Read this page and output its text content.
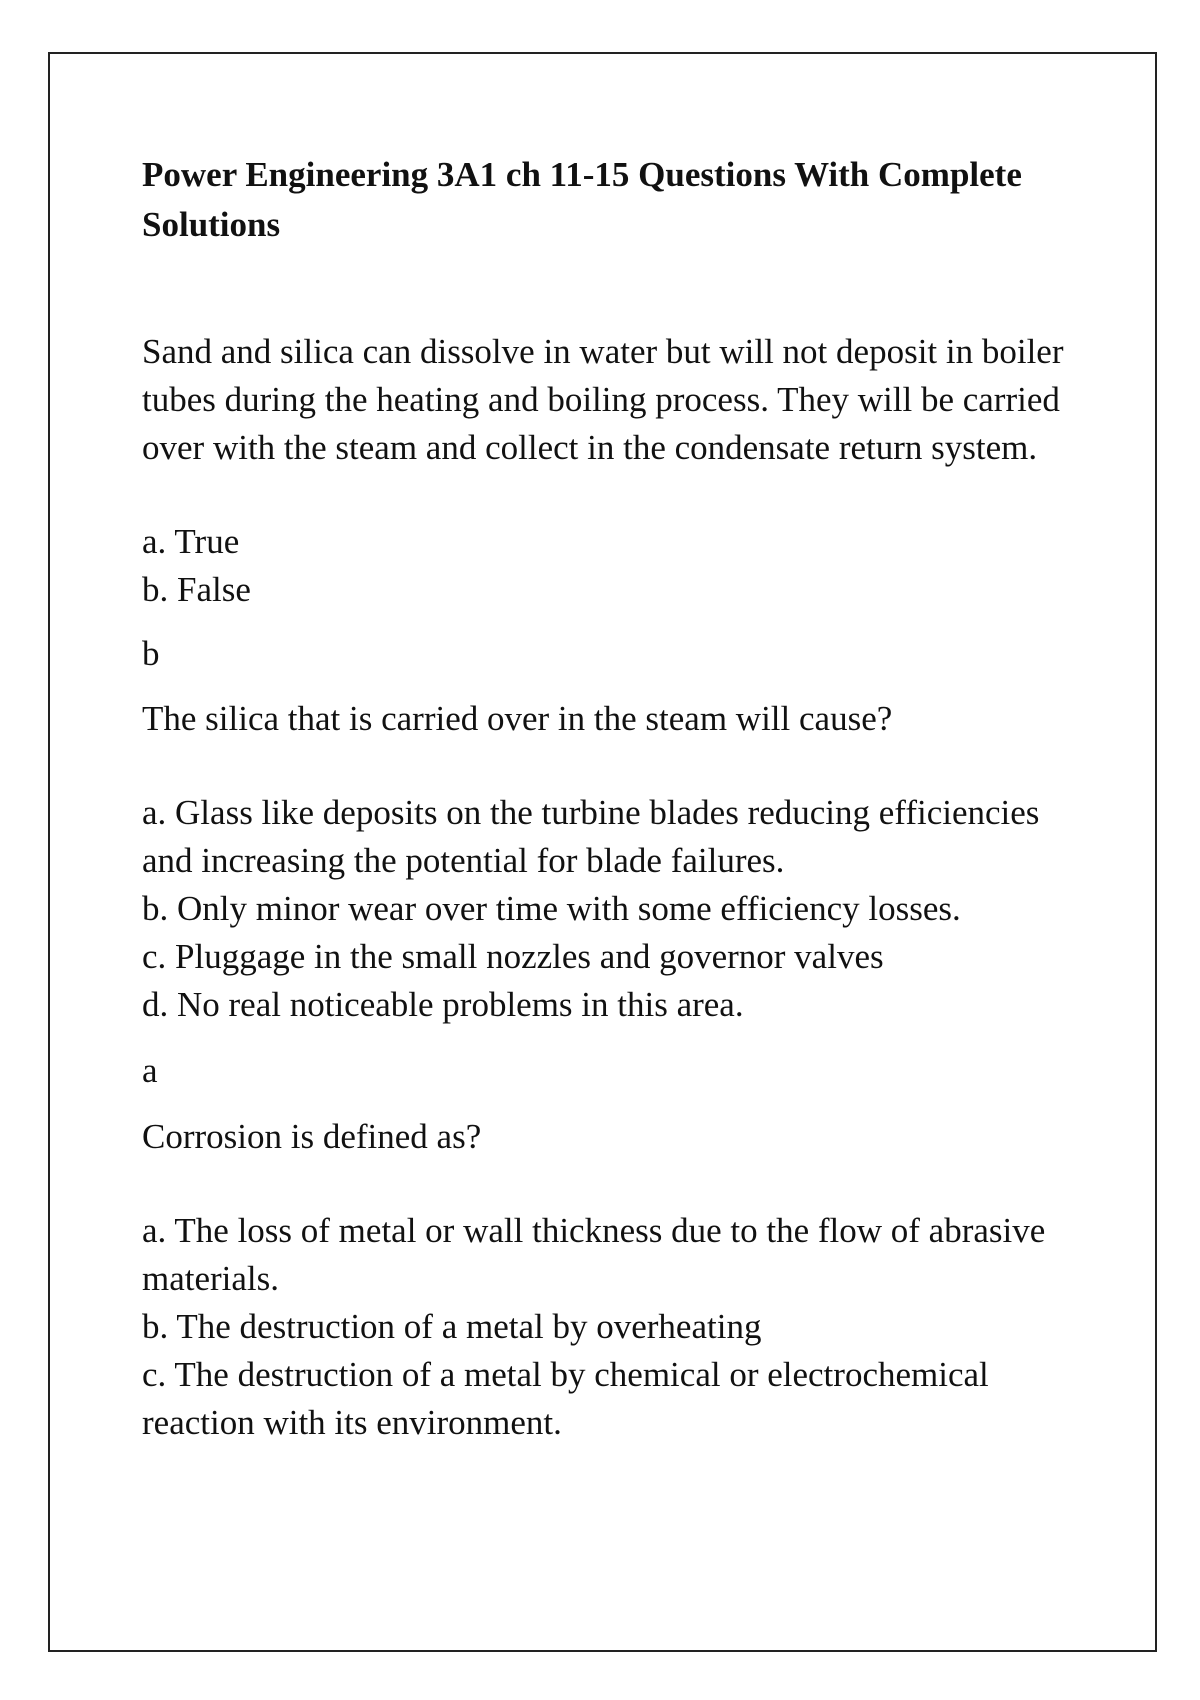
Power Engineering 3A1 ch 11-15 Questions With Complete Solutions

Sand and silica can dissolve in water but will not deposit in boiler tubes during the heating and boiling process. They will be carried over with the steam and collect in the condensate return system.

a. True

b. False

b

The silica that is carried over in the steam will cause?

a. Glass like deposits on the turbine blades reducing efficiencies and increasing the potential for blade failures.

b. Only minor wear over time with some efficiency losses.

c. Pluggage in the small nozzles and governor valves

d. No real noticeable problems in this area.

a

Corrosion is defined as?

a. The loss of metal or wall thickness due to the flow of abrasive materials.

b. The destruction of a metal by overheating

c. The destruction of a metal by chemical or electrochemical reaction with its environment.
